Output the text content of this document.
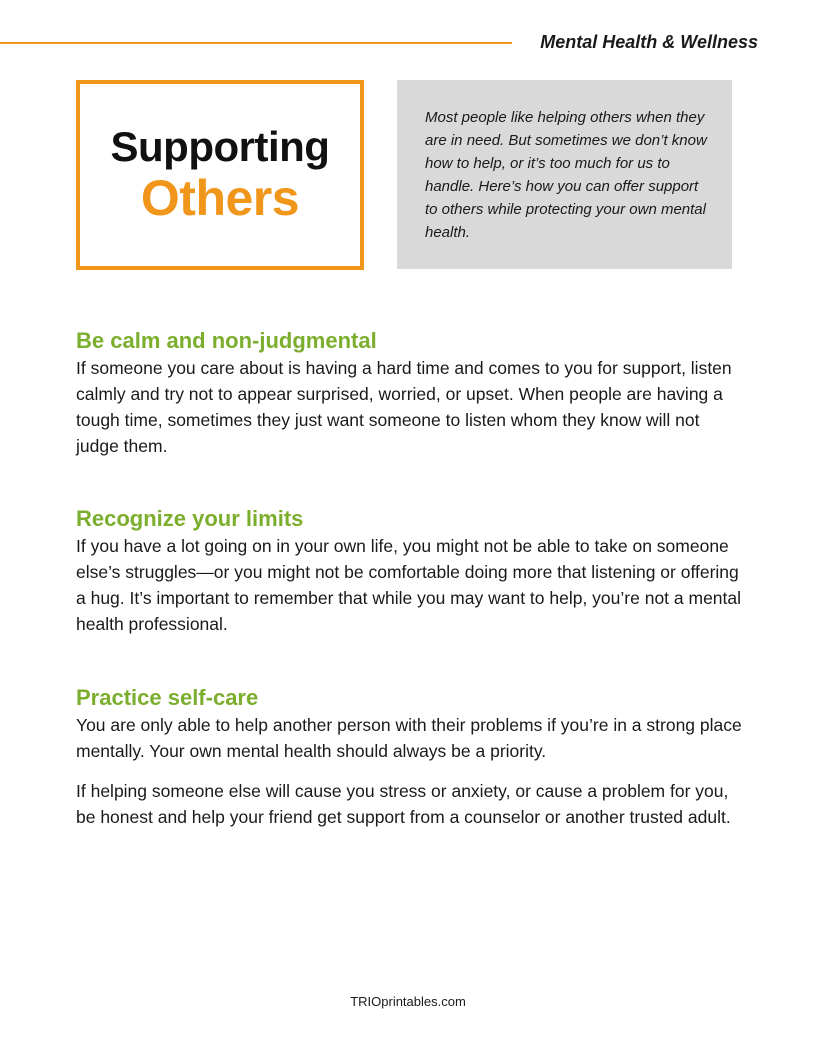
Mental Health & Wellness
Supporting
Others

Most people like helping others when they are in need. But sometimes we don’t know how to help, or it’s too much for us to handle. Here’s how you can offer support to others while protecting your own mental health.

Be calm and non-judgmental

If someone you care about is having a hard time and comes to you for support, listen calmly and try not to appear surprised, worried, or upset. When people are having a tough time, sometimes they just want someone to listen whom they know will not judge them.

Recognize your limits

If you have a lot going on in your own life, you might not be able to take on someone else’s struggles—or you might not be comfortable doing more that listening or offering a hug. It’s important to remember that while you may want to help, you’re not a mental health professional.

Practice self-care

You are only able to help another person with their problems if you’re in a strong place mentally. Your own mental health should always be a priority.

If helping someone else will cause you stress or anxiety, or cause a problem for you, be honest and help your friend get support from a counselor or another trusted adult.

TRIOprintables.com
